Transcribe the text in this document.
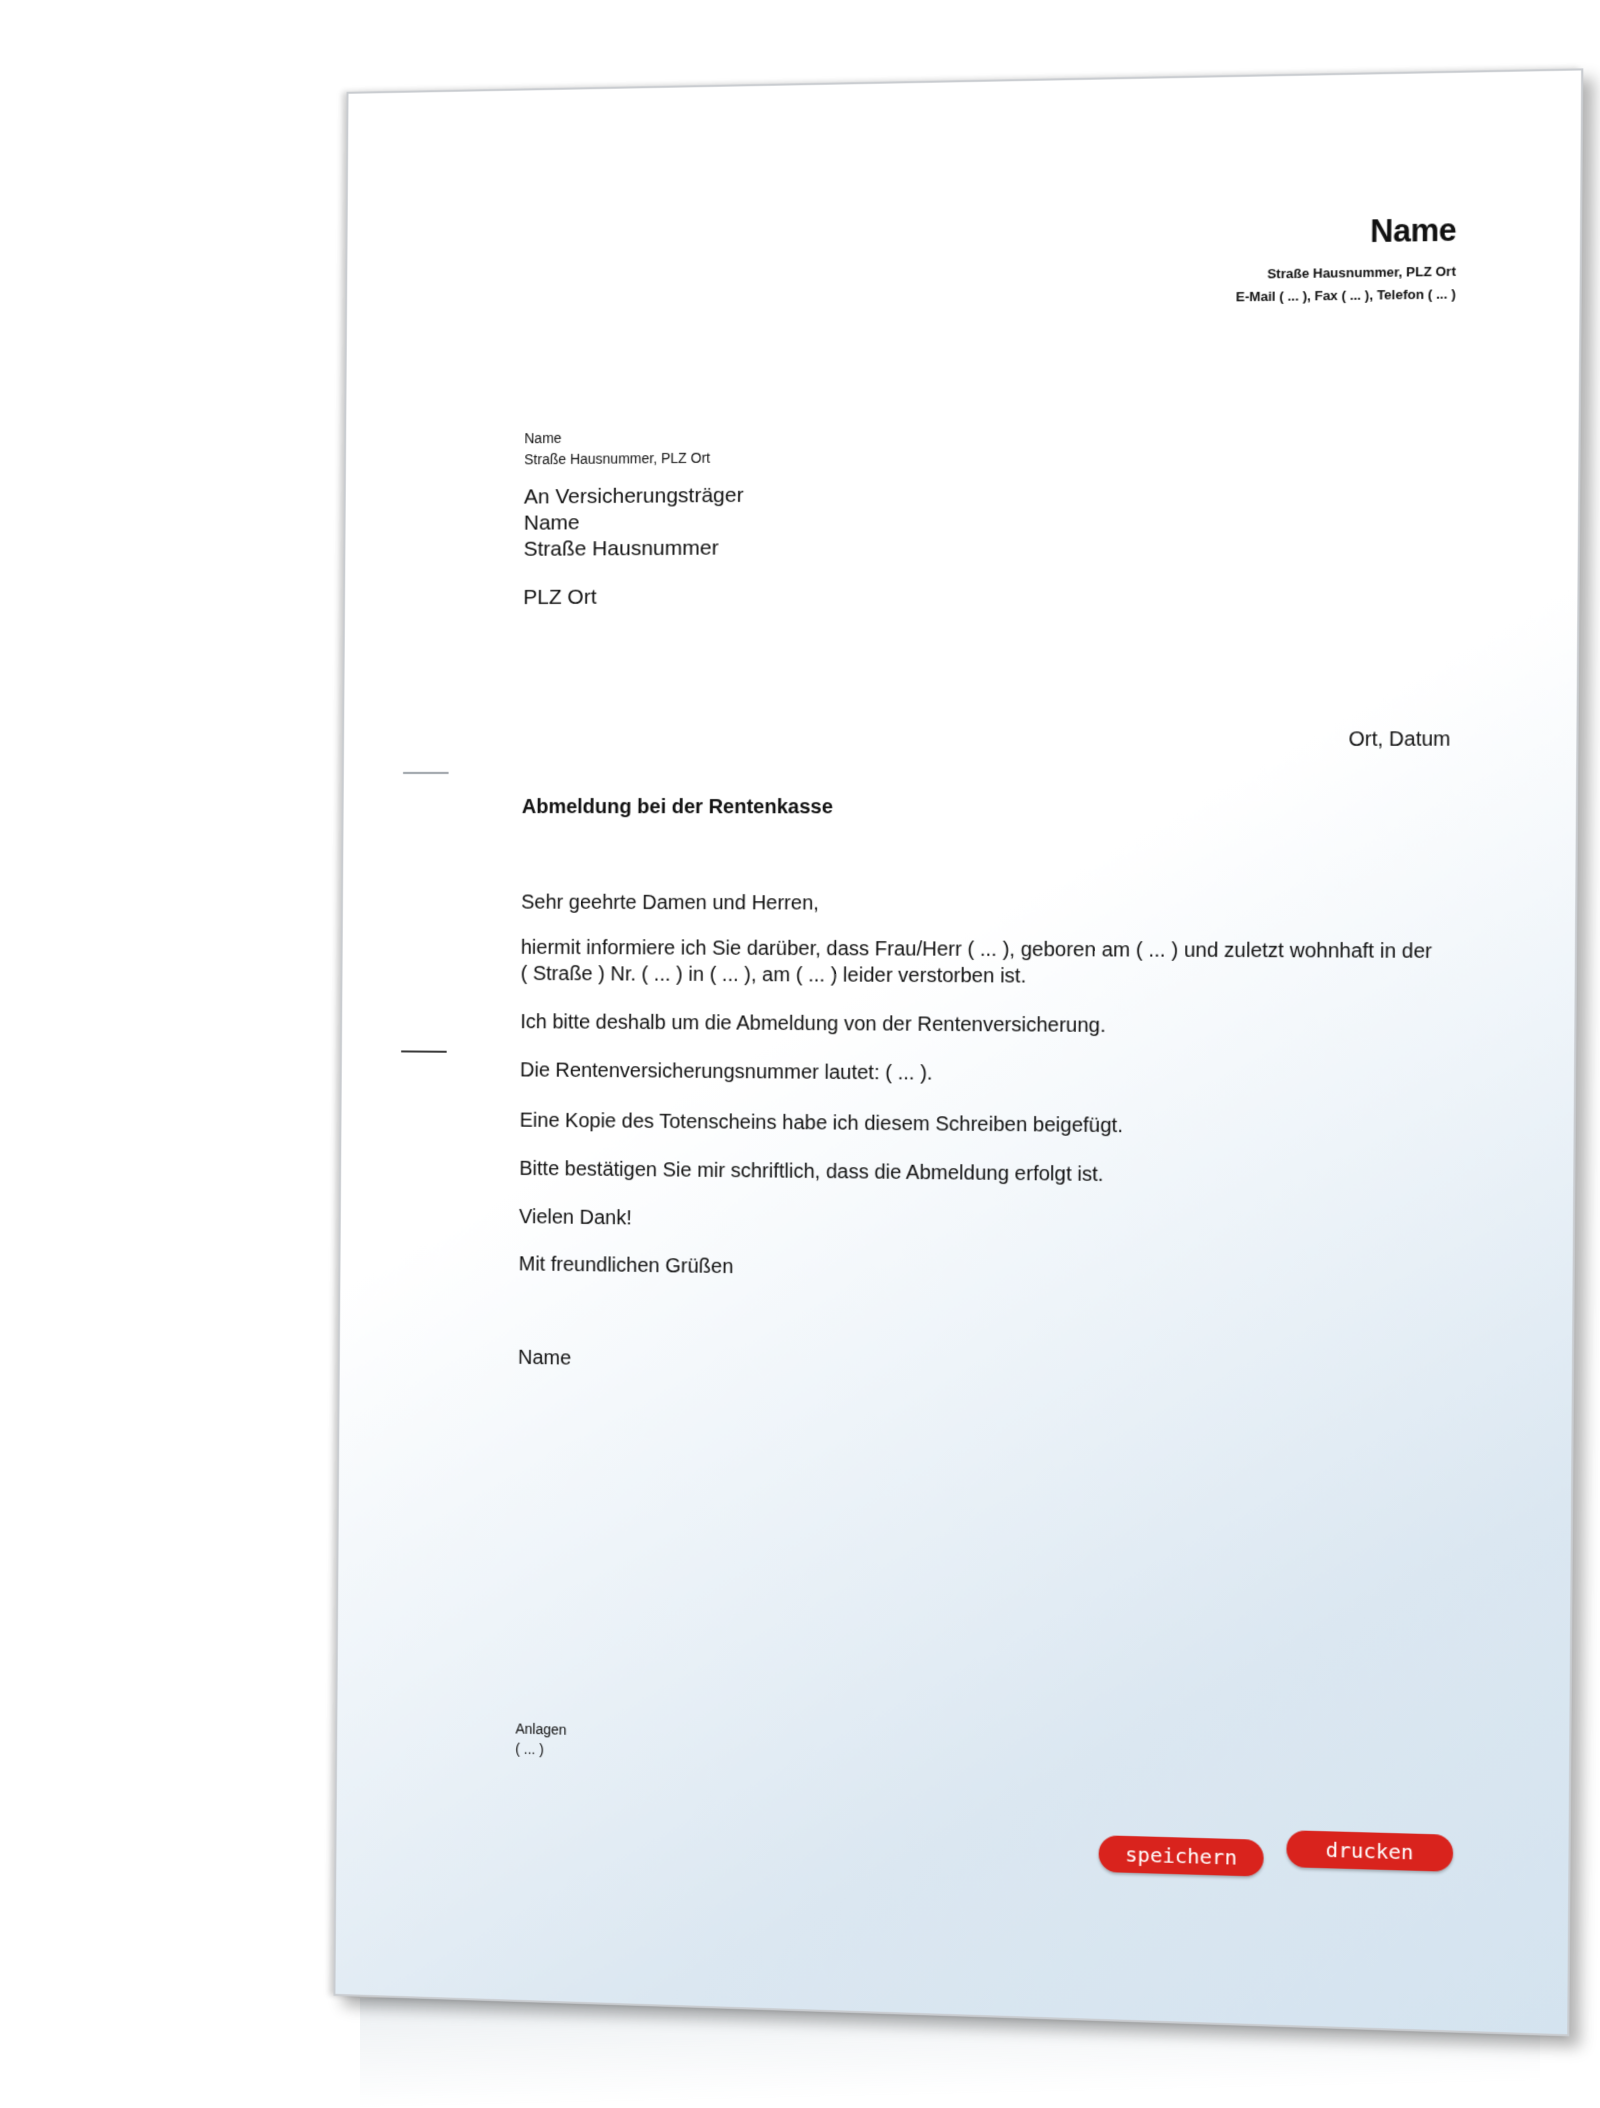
Name
Straße Hausnummer, PLZ Ort
E-Mail ( ... ), Fax ( ... ), Telefon ( ... )
Name
Straße Hausnummer, PLZ Ort
An Versicherungsträger
Name
Straße Hausnummer
PLZ Ort
Ort, Datum
Abmeldung bei der Rentenkasse
Sehr geehrte Damen und Herren,
hiermit informiere ich Sie darüber, dass Frau/Herr ( ... ), geboren am ( ... ) und zuletzt wohnhaft in der
( Straße ) Nr. ( ... ) in ( ... ), am ( ... ) leider verstorben ist.
Ich bitte deshalb um die Abmeldung von der Rentenversicherung.
Die Rentenversicherungsnummer lautet: ( ... ).
Eine Kopie des Totenscheins habe ich diesem Schreiben beigefügt.
Bitte bestätigen Sie mir schriftlich, dass die Abmeldung erfolgt ist.
Vielen Dank!
Mit freundlichen Grüßen
Name
Anlagen
( ... )
speichern	drucken
